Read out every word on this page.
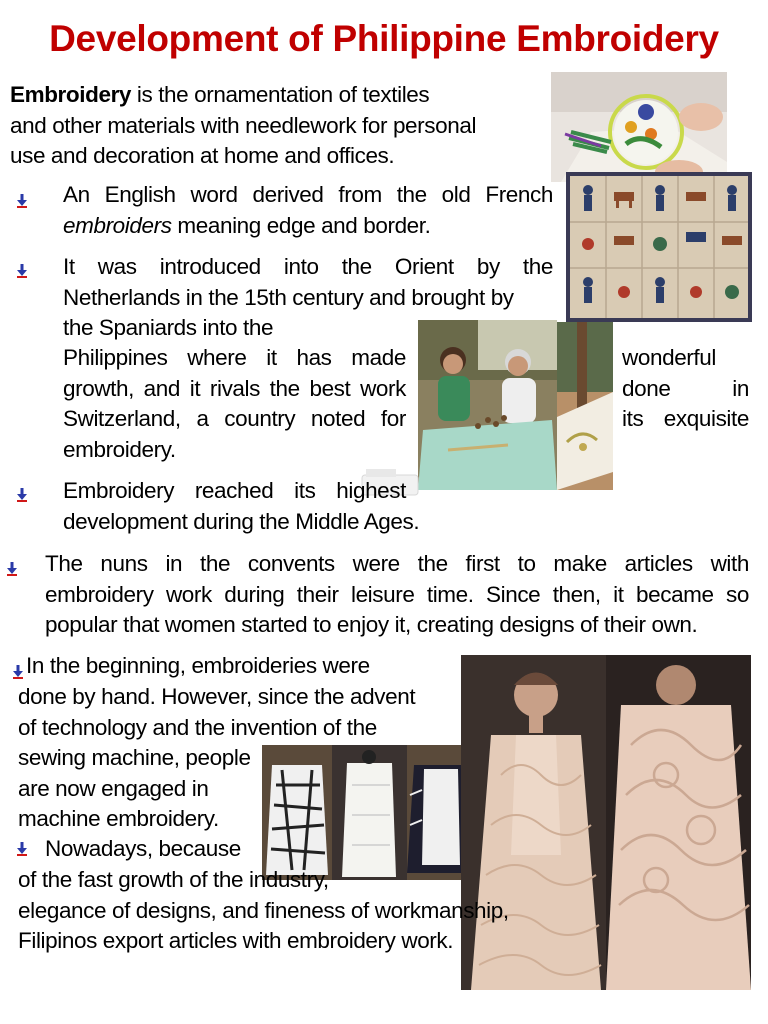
Development of Philippine Embroidery
Embroidery is the ornamentation of textiles
and other materials with needlework for personal
use and decoration at home and offices.
An English word derived from the old French
embroiders meaning edge and border.
It was introduced into the Orient by the
Netherlands in the 15th century and brought by
the Spaniards into the
Philippines where it has made
growth, and it rivals the best work
Switzerland, a country noted for
wonderful
done in
its exquisite
embroidery.
Embroidery reached its highest
development during the Middle Ages.
The nuns in the convents were the first to make articles with
embroidery work during their leisure time. Since then, it became so
popular that women started to enjoy it, creating designs of their own.
In the beginning, embroideries were
done by hand. However, since the advent
of technology and the invention of the
sewing machine, people
are now engaged in
machine embroidery.
Nowadays, because
of the fast growth of the industry,
elegance of designs, and fineness of workmanship,
Filipinos export articles with embroidery work.
